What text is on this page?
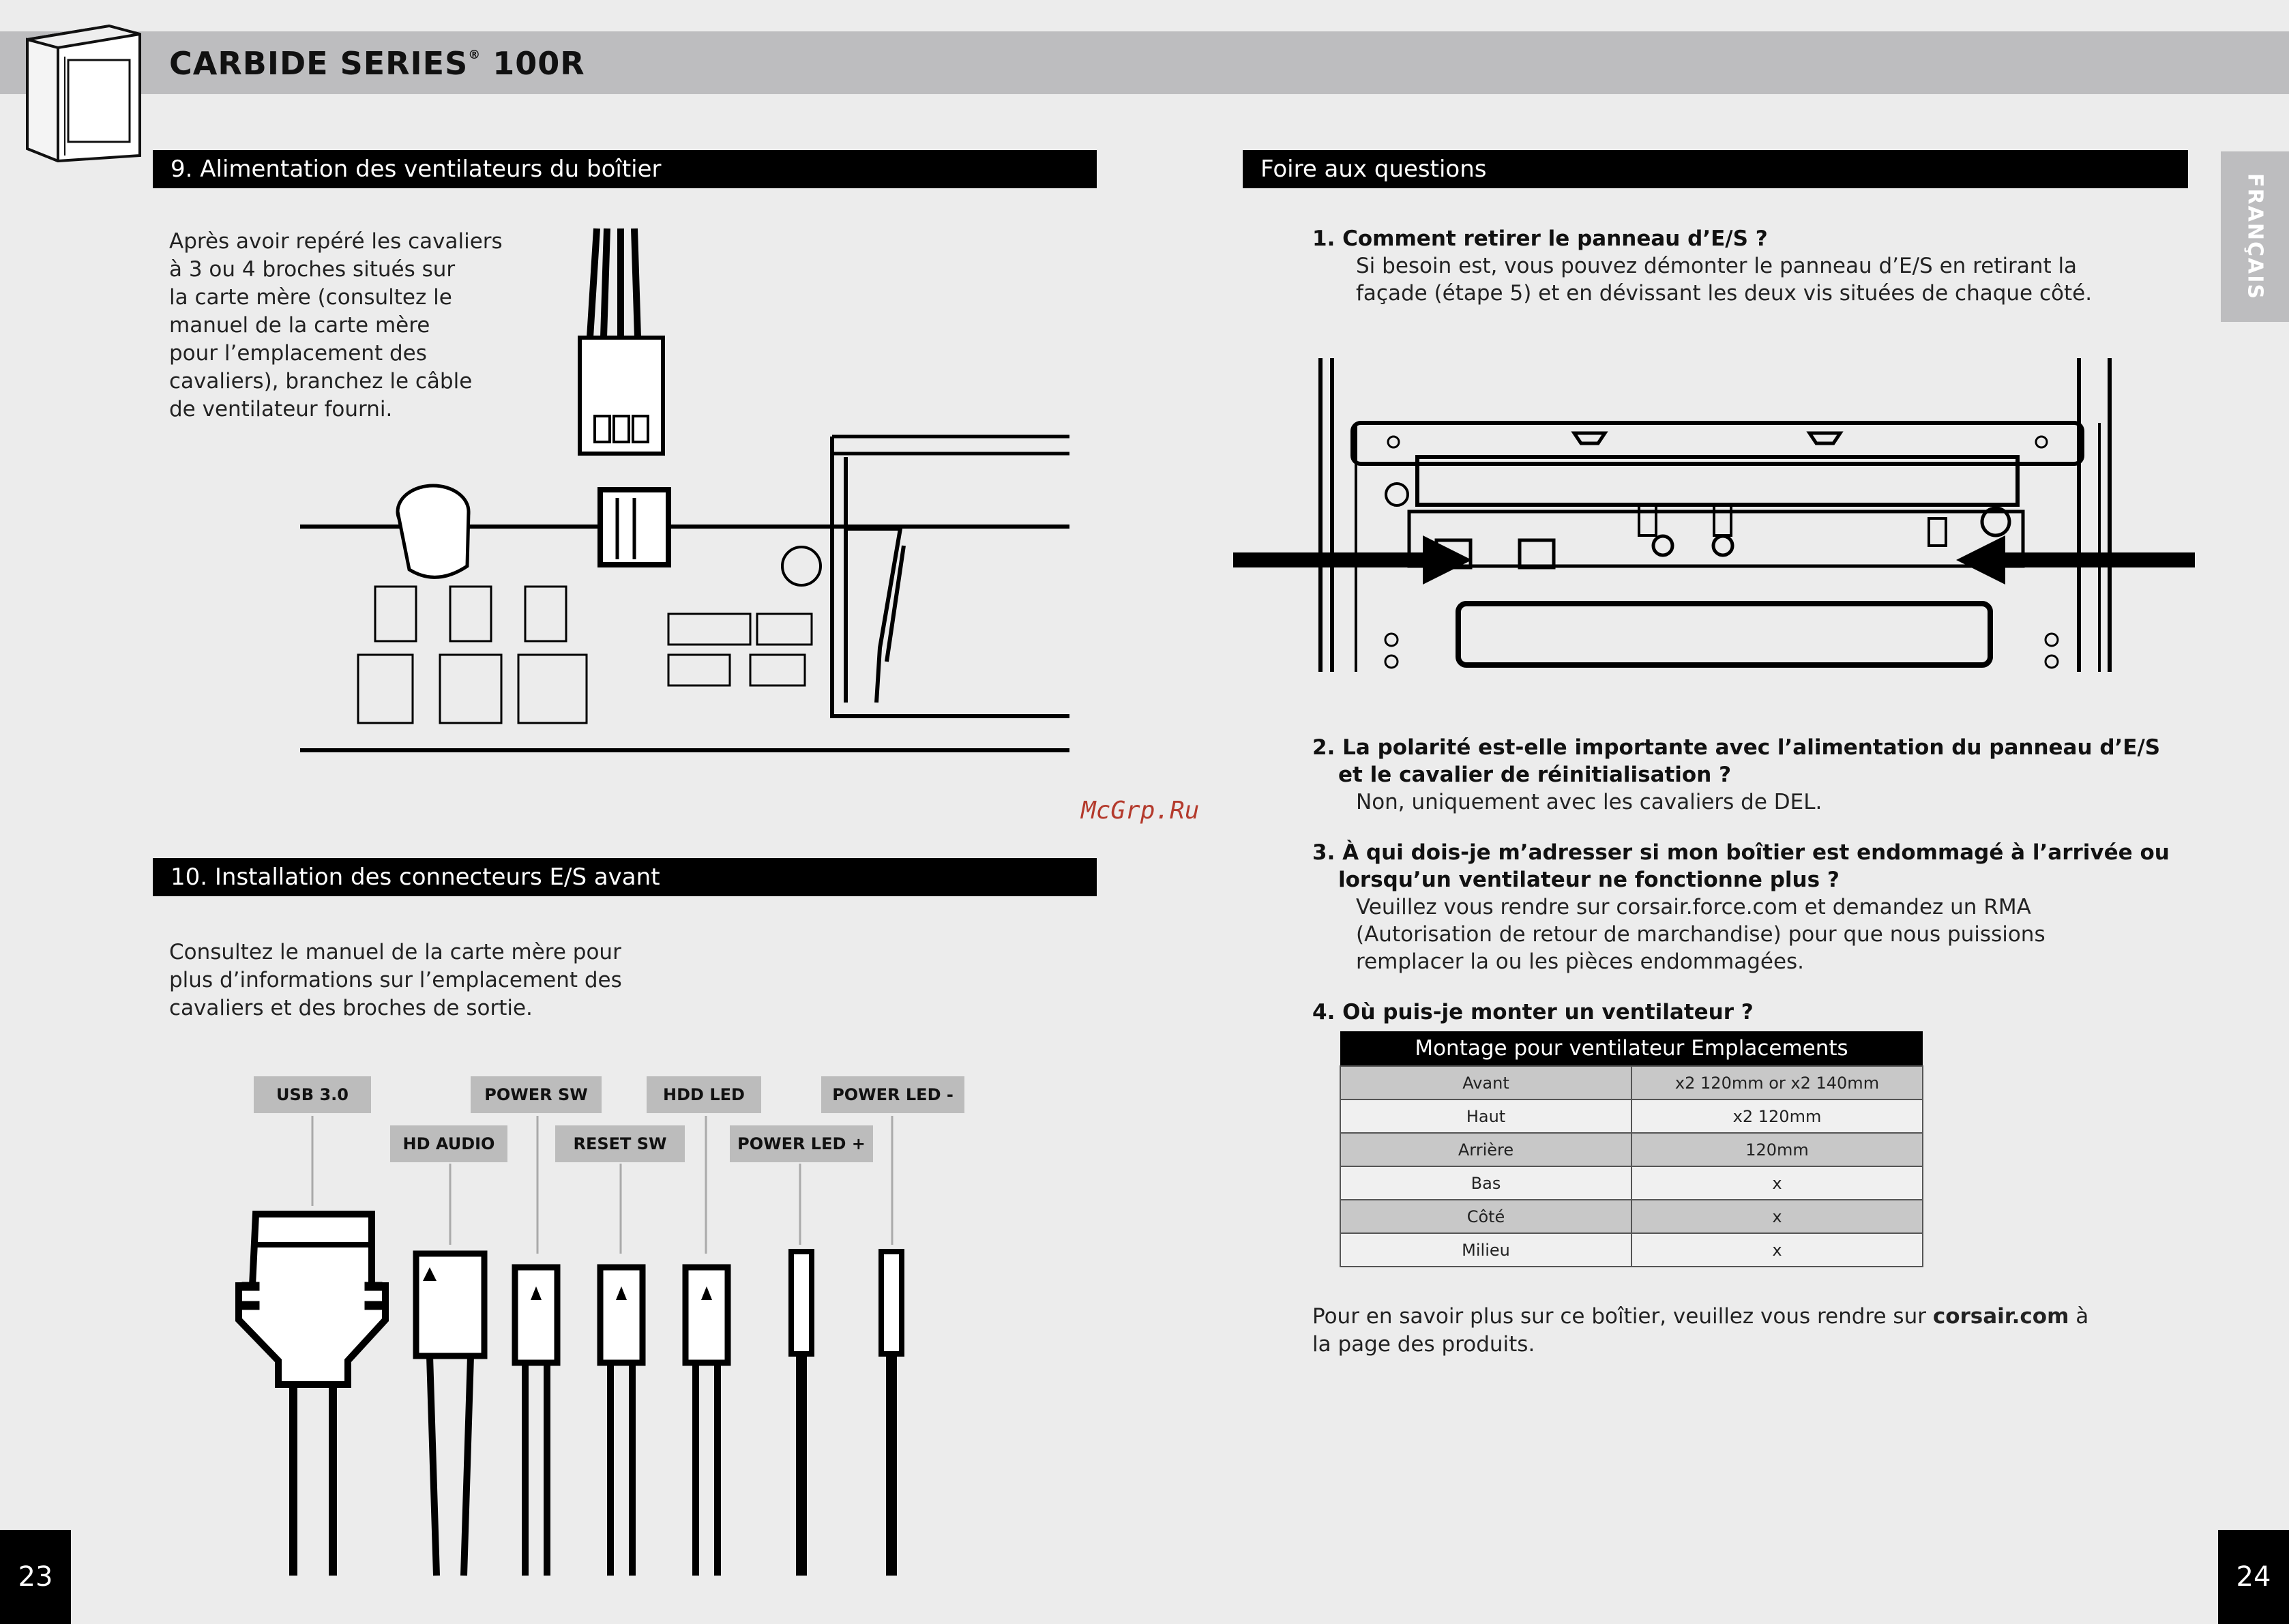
CARBIDE SERIES® 100R
FRANÇAIS
9. Alimentation des ventilateurs du boîtier
Après avoir repéré les cavaliers
à 3 ou 4 broches situés sur
la carte mère (consultez le
manuel de la carte mère
pour l’emplacement des
cavaliers), branchez le câble
de ventilateur fourni.
McGrp.Ru
10. Installation des connecteurs E/S avant
Consultez le manuel de la carte mère pour
plus d’informations sur l’emplacement des
cavaliers et des broches de sortie.
USB 3.0	POWER SW	HDD LED	POWER LED -
HD AUDIO	RESET SW	POWER LED +
Foire aux questions
1. Comment retirer le panneau d’E/S ?
Si besoin est, vous pouvez démonter le panneau d’E/S en retirant la
façade (étape 5) et en dévissant les deux vis situées de chaque côté.
2. La polarité est-elle importante avec l’alimentation du panneau d’E/S
et le cavalier de réinitialisation ?
Non, uniquement avec les cavaliers de DEL.
3. À qui dois-je m’adresser si mon boîtier est endommagé à l’arrivée ou
lorsqu’un ventilateur ne fonctionne plus ?
Veuillez vous rendre sur corsair.force.com et demandez un RMA
(Autorisation de retour de marchandise) pour que nous puissions
remplacer la ou les pièces endommagées.
4. Où puis-je monter un ventilateur ?
Montage pour ventilateur Emplacements	
Avant	x2 120mm or x2 140mm
Haut	x2 120mm
Arrière	120mm
Bas	x
Côté	x
Milieu	x
Pour en savoir plus sur ce boîtier, veuillez vous rendre sur corsair.com à
la page des produits.
23	24
